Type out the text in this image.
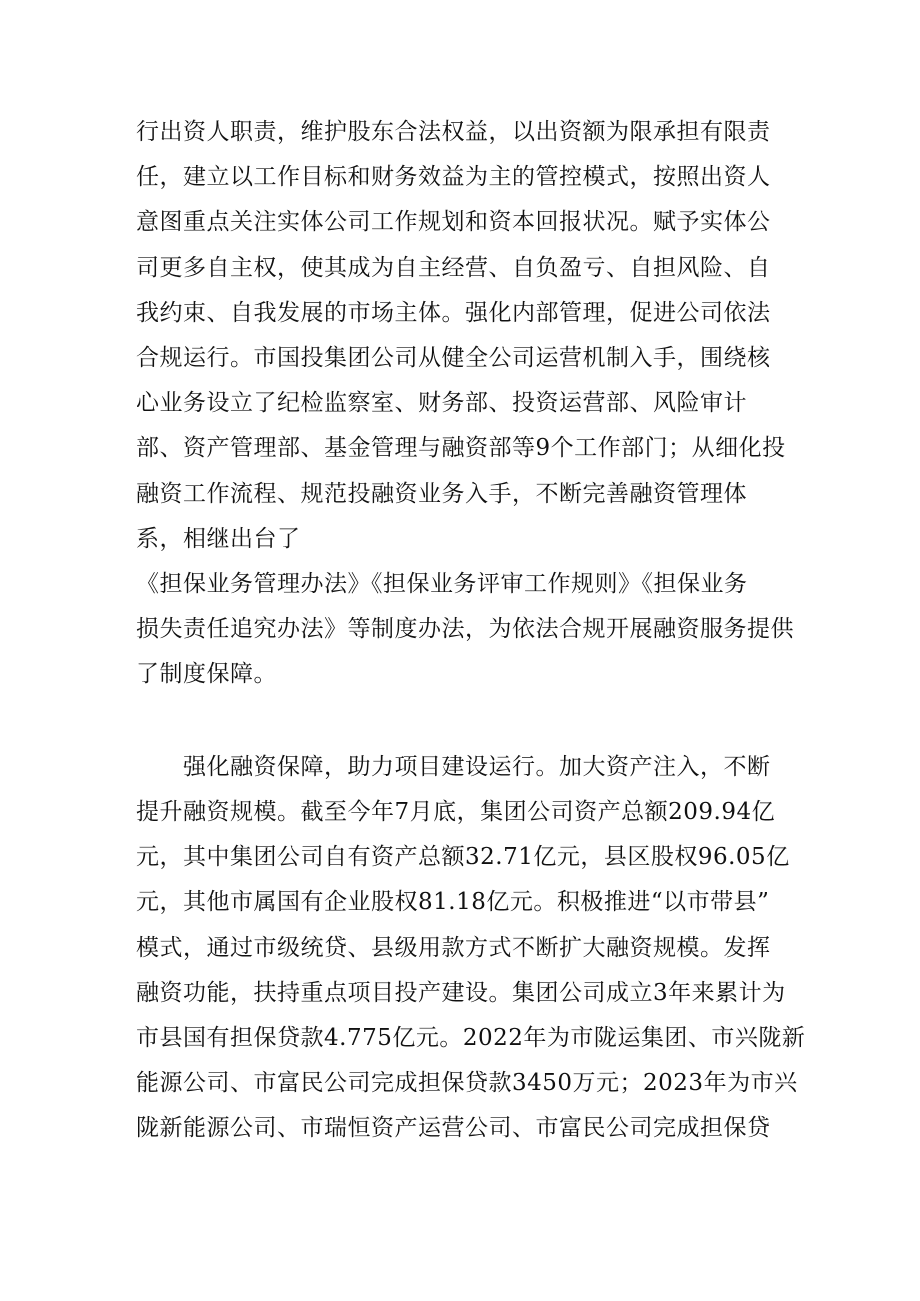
行出资人职责，维护股东合法权益，以出资额为限承担有限责
任，建立以工作目标和财务效益为主的管控模式，按照出资人
意图重点关注实体公司工作规划和资本回报状况。赋予实体公
司更多自主权，使其成为自主经营、自负盈亏、自担风险、自
我约束、自我发展的市场主体。强化内部管理，促进公司依法
合规运行。市国投集团公司从健全公司运营机制入手，围绕核
心业务设立了纪检监察室、财务部、投资运营部、风险审计
部、资产管理部、基金管理与融资部等9个工作部门；从细化投
融资工作流程、规范投融资业务入手，不断完善融资管理体
系，相继出台了
《担保业务管理办法》《担保业务评审工作规则》《担保业务
损失责任追究办法》等制度办法，为依法合规开展融资服务提供
了制度保障。
强化融资保障，助力项目建设运行。加大资产注入，不断
提升融资规模。截至今年7月底，集团公司资产总额209.94亿
元，其中集团公司自有资产总额32.71亿元，县区股权96.05亿
元，其他市属国有企业股权81.18亿元。积极推进“以市带县”
模式，通过市级统贷、县级用款方式不断扩大融资规模。发挥
融资功能，扶持重点项目投产建设。集团公司成立3年来累计为
市县国有担保贷款4.775亿元。2022年为市陇运集团、市兴陇新
能源公司、市富民公司完成担保贷款3450万元；2023年为市兴
陇新能源公司、市瑞恒资产运营公司、市富民公司完成担保贷
